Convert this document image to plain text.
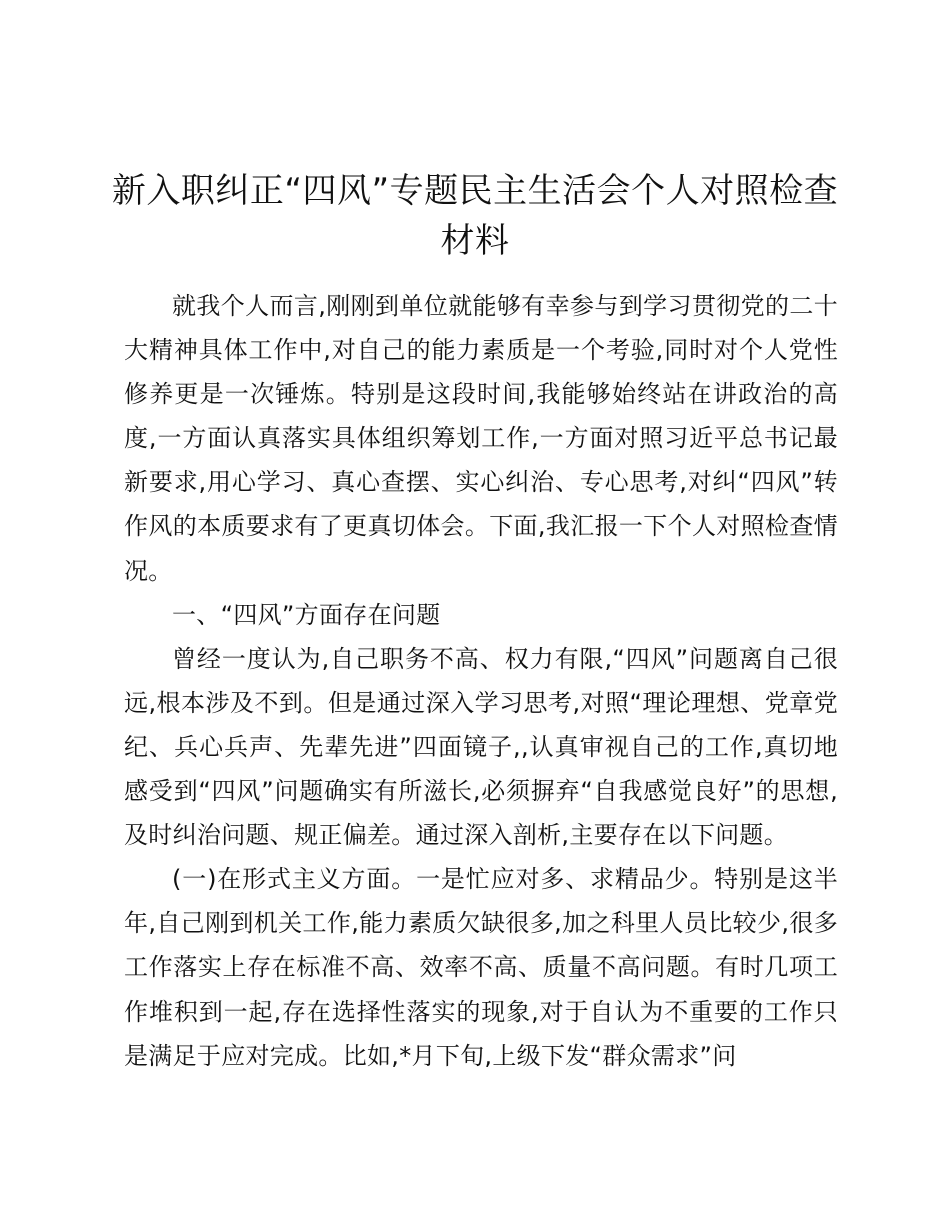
新入职纠正“四风”专题民主生活会个人对照检查材料

就我个人而言,刚刚到单位就能够有幸参与到学习贯彻党的二十大精神具体工作中,对自己的能力素质是一个考验,同时对个人党性修养更是一次锤炼。特别是这段时间,我能够始终站在讲政治的高度,一方面认真落实具体组织筹划工作,一方面对照习近平总书记最新要求,用心学习、真心查摆、实心纠治、专心思考,对纠“四风”转作风的本质要求有了更真切体会。下面,我汇报一下个人对照检查情况。

一、“四风”方面存在问题

曾经一度认为,自己职务不高、权力有限,“四风”问题离自己很远,根本涉及不到。但是通过深入学习思考,对照“理论理想、党章党纪、兵心兵声、先辈先进”四面镜子,,认真审视自己的工作,真切地感受到“四风”问题确实有所滋长,必须摒弃“自我感觉良好”的思想,及时纠治问题、规正偏差。通过深入剖析,主要存在以下问题。

(一)在形式主义方面。一是忙应对多、求精品少。特别是这半年,自己刚到机关工作,能力素质欠缺很多,加之科里人员比较少,很多工作落实上存在标准不高、效率不高、质量不高问题。有时几项工作堆积到一起,存在选择性落实的现象,对于自认为不重要的工作只是满足于应对完成。比如,*月下旬,上级下发“群众需求”问
